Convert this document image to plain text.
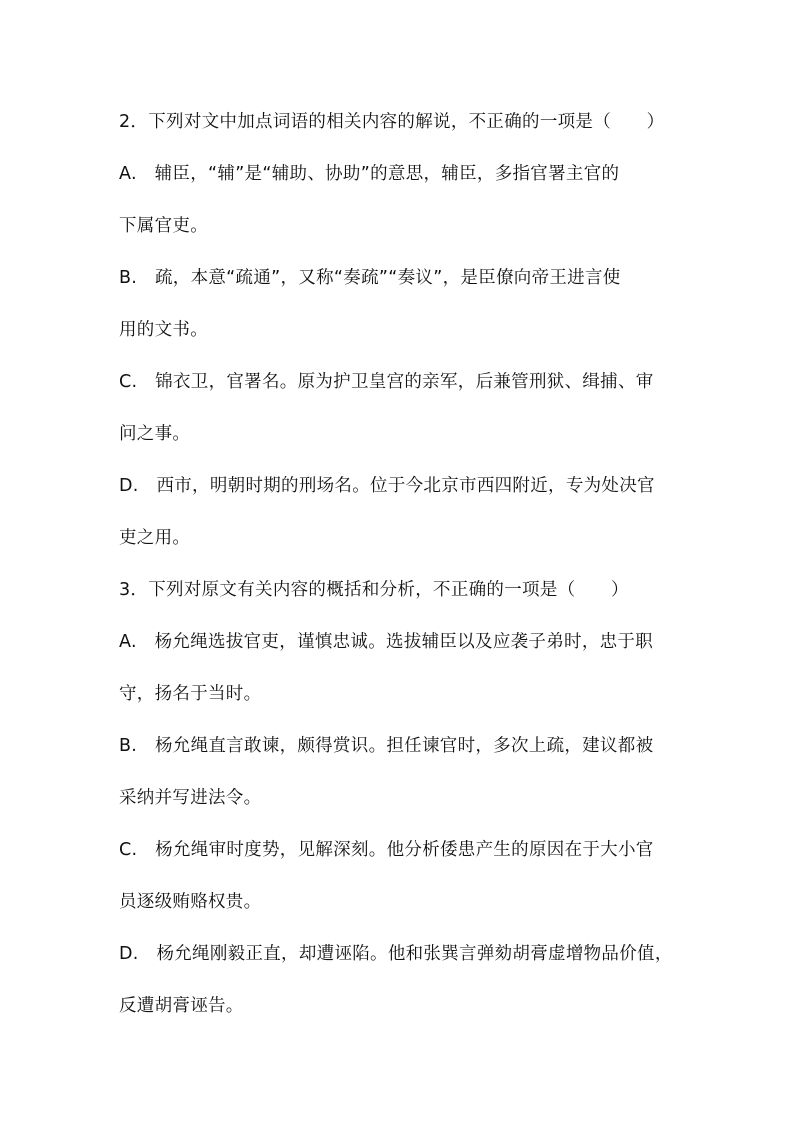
2．下列对文中加点词语的相关内容的解说，不正确的一项是（　　）
A.　辅臣，“辅”是“辅助、协助”的意思，辅臣，多指官署主官的
下属官吏。
B.　疏，本意“疏通”，又称“奏疏”“奏议”，是臣僚向帝王进言使
用的文书。
C.　锦衣卫，官署名。原为护卫皇宫的亲军，后兼管刑狱、缉捕、审
问之事。
D.　西市，明朝时期的刑场名。位于今北京市西四附近，专为处决官
吏之用。
3．下列对原文有关内容的概括和分析，不正确的一项是（　　）
A.　杨允绳选拔官吏，谨慎忠诚。选拔辅臣以及应袭子弟时，忠于职
守，扬名于当时。
B.　杨允绳直言敢谏，颇得赏识。担任谏官时，多次上疏，建议都被
采纳并写进法令。
C.　杨允绳审时度势，见解深刻。他分析倭患产生的原因在于大小官
员逐级贿赂权贵。
D.　杨允绳刚毅正直，却遭诬陷。他和张巽言弹劾胡膏虚增物品价值，
反遭胡膏诬告。
